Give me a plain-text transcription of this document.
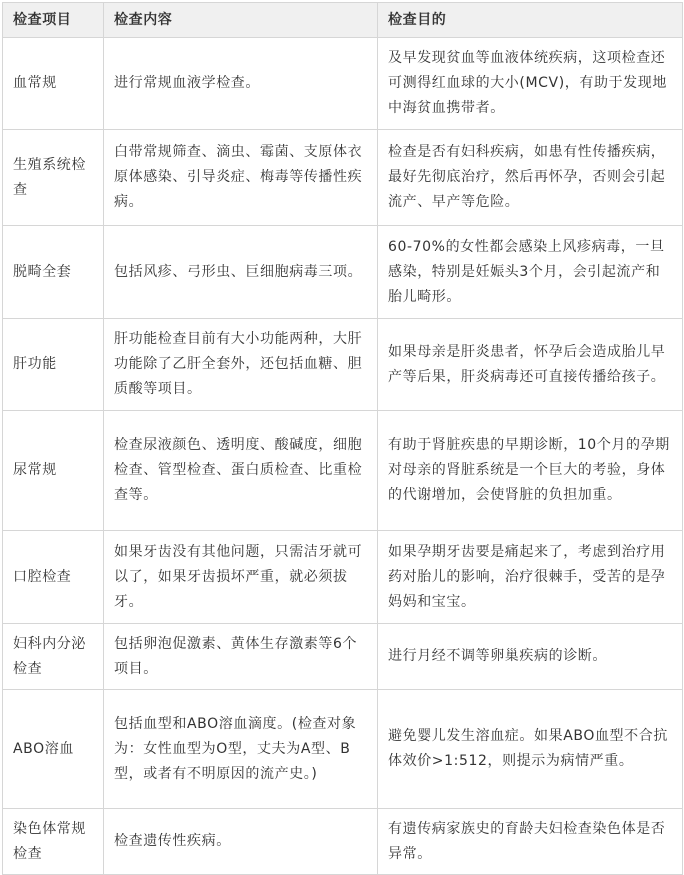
检查项目	检查内容	检查目的
血常规	进行常规血液学检查。	及早发现贫血等血液体统疾病，这项检查还可测得红血球的大小(MCV)，有助于发现地中海贫血携带者。
生殖系统检查	白带常规筛查、滴虫、霉菌、支原体衣原体感染、引导炎症、梅毒等传播性疾病。	检查是否有妇科疾病，如患有性传播疾病，最好先彻底治疗，然后再怀孕，否则会引起流产、早产等危险。
脱畸全套	包括风疹、弓形虫、巨细胞病毒三项。	60-70%的女性都会感染上风疹病毒，一旦感染，特别是妊娠头3个月，会引起流产和胎儿畸形。
肝功能	肝功能检查目前有大小功能两种，大肝功能除了乙肝全套外，还包括血糖、胆质酸等项目。	如果母亲是肝炎患者，怀孕后会造成胎儿早产等后果，肝炎病毒还可直接传播给孩子。
尿常规	检查尿液颜色、透明度、酸碱度，细胞检查、管型检查、蛋白质检查、比重检查等。	有助于肾脏疾患的早期诊断，10个月的孕期对母亲的肾脏系统是一个巨大的考验，身体的代谢增加，会使肾脏的负担加重。
口腔检查	如果牙齿没有其他问题，只需洁牙就可以了，如果牙齿损坏严重，就必须拔牙。	如果孕期牙齿要是痛起来了，考虑到治疗用药对胎儿的影响，治疗很棘手，受苦的是孕妈妈和宝宝。
妇科内分泌检查	包括卵泡促激素、黄体生存激素等6个项目。	进行月经不调等卵巢疾病的诊断。
ABO溶血	包括血型和ABO溶血滴度。(检查对象为：女性血型为O型，丈夫为A型、B型，或者有不明原因的流产史。)	避免婴儿发生溶血症。如果ABO血型不合抗体效价>1:512，则提示为病情严重。
染色体常规检查	检查遗传性疾病。	有遗传病家族史的育龄夫妇检查染色体是否异常。
